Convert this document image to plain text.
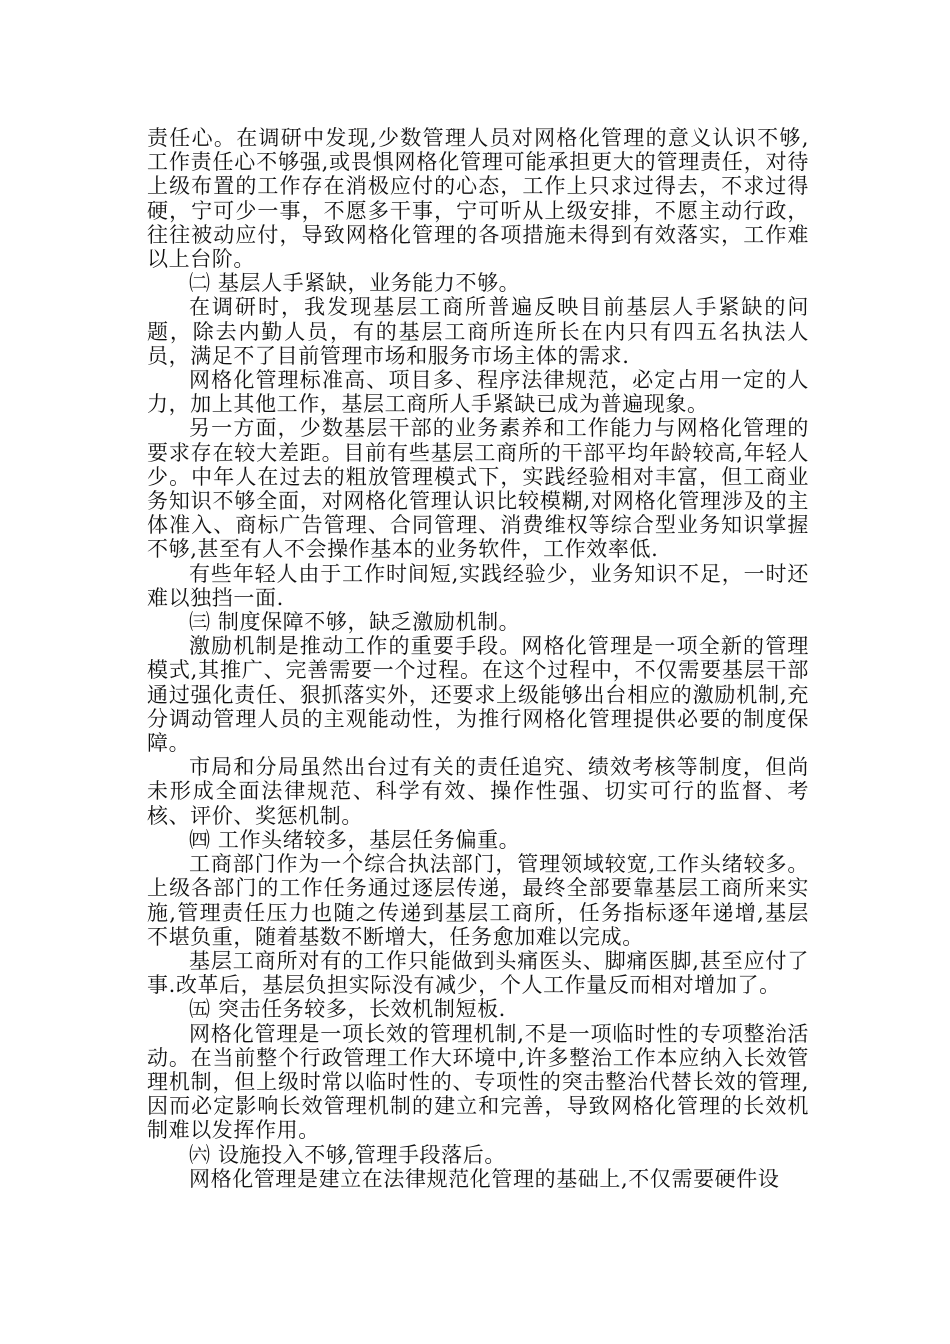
责任心。在调研中发现,少数管理人员对网格化管理的意义认识不够,工作责任心不够强,或畏惧网格化管理可能承担更大的管理责任，对待上级布置的工作存在消极应付的心态，工作上只求过得去，不求过得硬，宁可少一事，不愿多干事，宁可听从上级安排，不愿主动行政，往往被动应付，导致网格化管理的各项措施未得到有效落实，工作难以上台阶。

㈡ 基层人手紧缺，业务能力不够。

在调研时，我发现基层工商所普遍反映目前基层人手紧缺的问题，除去内勤人员，有的基层工商所连所长在内只有四五名执法人员，满足不了目前管理市场和服务市场主体的需求.

网格化管理标准高、项目多、程序法律规范，必定占用一定的人力，加上其他工作，基层工商所人手紧缺已成为普遍现象。

另一方面，少数基层干部的业务素养和工作能力与网格化管理的要求存在较大差距。目前有些基层工商所的干部平均年龄较高,年轻人少。中年人在过去的粗放管理模式下，实践经验相对丰富，但工商业务知识不够全面，对网格化管理认识比较模糊,对网格化管理涉及的主体准入、商标广告管理、合同管理、消费维权等综合型业务知识掌握不够,甚至有人不会操作基本的业务软件，工作效率低.

有些年轻人由于工作时间短,实践经验少，业务知识不足，一时还难以独挡一面.

㈢ 制度保障不够，缺乏激励机制。

激励机制是推动工作的重要手段。网格化管理是一项全新的管理模式,其推广、完善需要一个过程。在这个过程中，不仅需要基层干部通过强化责任、狠抓落实外，还要求上级能够出台相应的激励机制,充分调动管理人员的主观能动性，为推行网格化管理提供必要的制度保障。

市局和分局虽然出台过有关的责任追究、绩效考核等制度，但尚未形成全面法律规范、科学有效、操作性强、切实可行的监督、考核、评价、奖惩机制。

㈣ 工作头绪较多，基层任务偏重。

工商部门作为一个综合执法部门，管理领域较宽,工作头绪较多。上级各部门的工作任务通过逐层传递，最终全部要靠基层工商所来实施,管理责任压力也随之传递到基层工商所，任务指标逐年递增,基层不堪负重，随着基数不断增大，任务愈加难以完成。

基层工商所对有的工作只能做到头痛医头、脚痛医脚,甚至应付了事.改革后，基层负担实际没有减少，个人工作量反而相对增加了。

㈤ 突击任务较多，长效机制短板.

网格化管理是一项长效的管理机制,不是一项临时性的专项整治活动。在当前整个行政管理工作大环境中,许多整治工作本应纳入长效管理机制，但上级时常以临时性的、专项性的突击整治代替长效的管理,因而必定影响长效管理机制的建立和完善，导致网格化管理的长效机制难以发挥作用。

㈥ 设施投入不够,管理手段落后。

网格化管理是建立在法律规范化管理的基础上,不仅需要硬件设
